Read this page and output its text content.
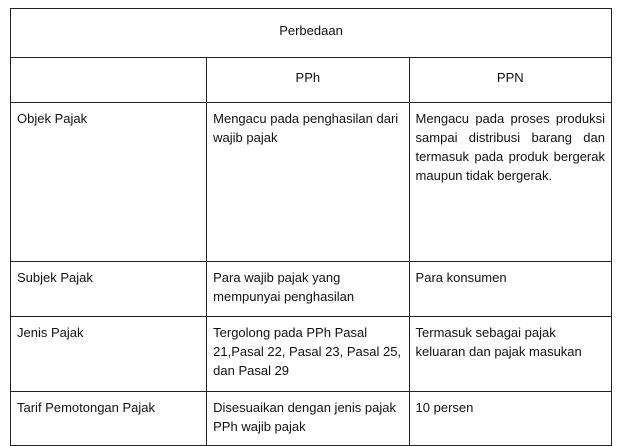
Perbedaan		
	PPh	PPN
Objek Pajak	Mengacu pada penghasilan dari wajib pajak	Mengacu pada proses produksi sampai distribusi barang dan termasuk pada produk bergerak maupun tidak bergerak.
Subjek Pajak	Para wajib pajak yang mempunyai penghasilan	Para konsumen
Jenis Pajak	Tergolong pada PPh Pasal 21,Pasal 22, Pasal 23, Pasal 25, dan Pasal 29	Termasuk sebagai pajak keluaran dan pajak masukan
Tarif Pemotongan Pajak	Disesuaikan dengan jenis pajak PPh wajib pajak	10 persen
